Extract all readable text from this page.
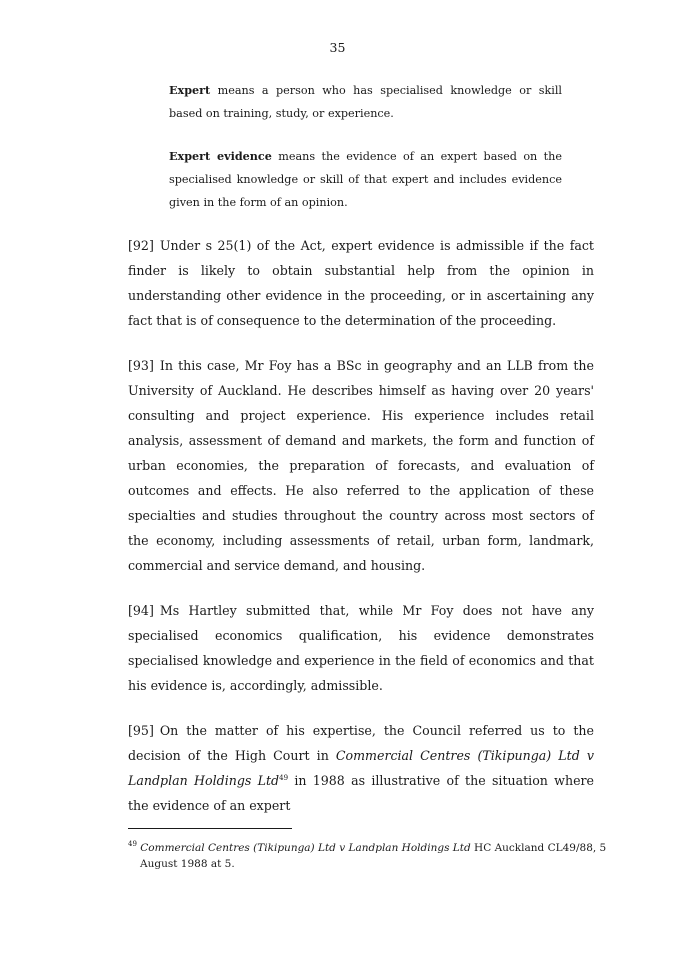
35
Expert means a person who has specialised knowledge or skill based on training, study, or experience.
Expert evidence means the evidence of an expert based on the specialised knowledge or skill of that expert and includes evidence given in the form of an opinion.
[92] Under s 25(1) of the Act, expert evidence is admissible if the fact finder is likely to obtain substantial help from the opinion in understanding other evidence in the proceeding, or in ascertaining any fact that is of consequence to the determination of the proceeding.
[93] In this case, Mr Foy has a BSc in geography and an LLB from the University of Auckland. He describes himself as having over 20 years' consulting and project experience. His experience includes retail analysis, assessment of demand and markets, the form and function of urban economies, the preparation of forecasts, and evaluation of outcomes and effects. He also referred to the application of these specialties and studies throughout the country across most sectors of the economy, including assessments of retail, urban form, landmark, commercial and service demand, and housing.
[94] Ms Hartley submitted that, while Mr Foy does not have any specialised economics qualification, his evidence demonstrates specialised knowledge and experience in the field of economics and that his evidence is, accordingly, admissible.
[95] On the matter of his expertise, the Council referred us to the decision of the High Court in Commercial Centres (Tikipunga) Ltd v Landplan Holdings Ltd$^{49}$ in 1988 as illustrative of the situation where the evidence of an expert
$^{49}$ Commercial Centres (Tikipunga) Ltd v Landplan Holdings Ltd HC Auckland CL49/88, 5 August 1988 at 5.
